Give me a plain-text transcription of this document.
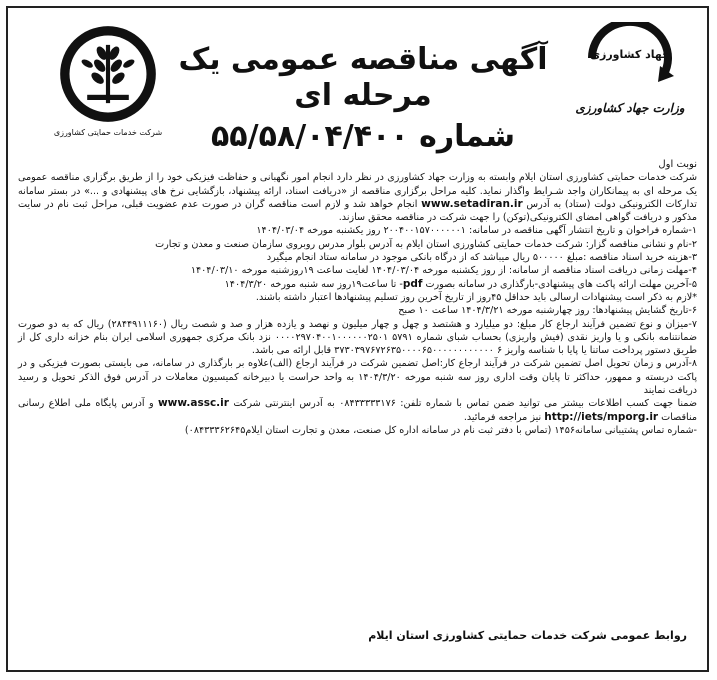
شرکت خدمات حمایتی کشاورزی
آگهی مناقصه عمومی یک مرحله ای
شماره ۵۵/۵۸/۰۴/۴۰۰
جهاد کشاورزی
وزارت جهاد کشاورزی

نوبت اول

شرکت خدمات حمایتی کشاورزی استان ایلام وابسته به وزارت جهاد کشاورزی در نظر دارد انجام امور نگهبانی و حفاظت فیزیکی خود را از طریق برگزاری مناقصه عمومی یک مرحله ای به پیمانکاران واجد شـرایط واگذار نماید. کلیه مراحل برگزاری مناقصه از «دریافت اسناد، ارائه پیشنهاد، بازگشایی نرخ های پیشنهادی و ...» در بستر سامانه تدارکات الکترونیکی دولت (ستاد) به آدرس www.setadiran.ir انجام خواهد شد و لازم است مناقصه گران در صورت عدم عضویت قبلی، مراحل ثبت نام در سایت مذکور و دریافت گواهی امضای الکترونیکی(توکن) را جهت شرکت در مناقصه محقق سازند.

۱-شماره فراخوان و تاریخ انتشار آگهی مناقصه در سامانه: ۲۰۰۴۰۰۱۵۷۰۰۰۰۰۰۱ روز یکشنبه مورخه ۱۴۰۴/۰۳/۰۴

۲-نام و نشانی مناقصه گزار: شرکت خدمات حمایتی کشاورزی استان ایلام به آدرس بلوار مدرس روبروی سازمان صنعت و معدن و تجارت

۳-هزینه خرید اسناد مناقصه :مبلغ ۵۰۰۰۰۰ ریال میباشد که از درگاه بانکی موجود در سامانه ستاد انجام میگیرد

۴-مهلت زمانی دریافت اسناد مناقصه از سامانه: از روز یکشنبه مورخه ۱۴۰۴/۰۳/۰۴ لغایت ساعت ۱۹روزشنبه مورخه ۱۴۰۴/۰۳/۱۰

۵-آخرین مهلت ارائه پاکت های پیشنهادی-بارگذاری در سامانه بصورت pdf- تا ساعت۱۹روز سه شنبه مورخه ۱۴۰۴/۳/۲۰

*لازم به ذکر است پیشنهادات ارسالی باید حداقل ۴۵روز از تاریخ آخرین روز تسلیم پیشنهادها اعتبار داشته باشند.

۶-تاریخ گشایش پیشنهادها: روز چهارشنبه مورخه ۱۴۰۴/۳/۲۱ ساعت ۱۰ صبح

۷-میزان و نوع تضمین فرآیند ارجاع کار مبلغ: دو میلیارد و هشتصد و چهل و چهار میلیون و نهصد و یازده هزار و صد و شصت ریال (۲۸۴۴۹۱۱۱۶۰) ریال که به دو صورت ضمانتنامه بانکی و یا واریز نقدی (فیش واریزی) بحساب شبای شماره ۵۷۹۱ ۰۰۰۰۲۹۷۰۴۰۰۱۰۰۰۰۰۰۲۵۰۱ نزد بانک مرکزی جمهوری اسلامی ایران بنام خزانه داری کل از طریق دستور پرداخت ساتنا یا پایا با شناسه واریز ۶ ۳۷۳۰۳۹۷۶۷۲۶۳۵۰۰۰۰۶۵۰۰۰۰۰۰۰۰۰۰۰۰ قابل ارائه می باشد.

۸-آدرس و زمان تحویل اصل تضمین شرکت در فرآیند ارجاع کار:اصل تضمین شرکت در فرآیند ارجاع (الف)علاوه بر بارگذاری در سامانه، می بایستی بصورت فیزیکی و در پاکت دربسته و ممهور، حداکثر تا پایان وقت اداری روز سه شنبه مورخه ۱۴۰۴/۳/۲۰ به واحد حراست یا دبیرخانه کمیسیون معاملات در آدرس فوق الذکر تحویل و رسید دریافت نمایند

ضمنا جهت کسب اطلاعات بیشتر می توانید ضمن تماس با شماره تلفن: ۰۸۴۳۳۳۳۳۱۷۶ به آدرس اینترنتی شرکت www.assc.ir و آدرس پایگاه ملی اطلاع رسانی مناقصات http://iets/mporg.ir نیز مراجعه فرمائید.

-شماره تماس پشتیبانی سامانه۱۴۵۶ (تماس با دفتر ثبت نام در سامانه اداره کل صنعت، معدن و تجارت استان ایلام۰۸۴۳۳۳۶۲۶۴۵)

روابط عمومی شرکت خدمات حمایتی کشاورزی استان ایلام
